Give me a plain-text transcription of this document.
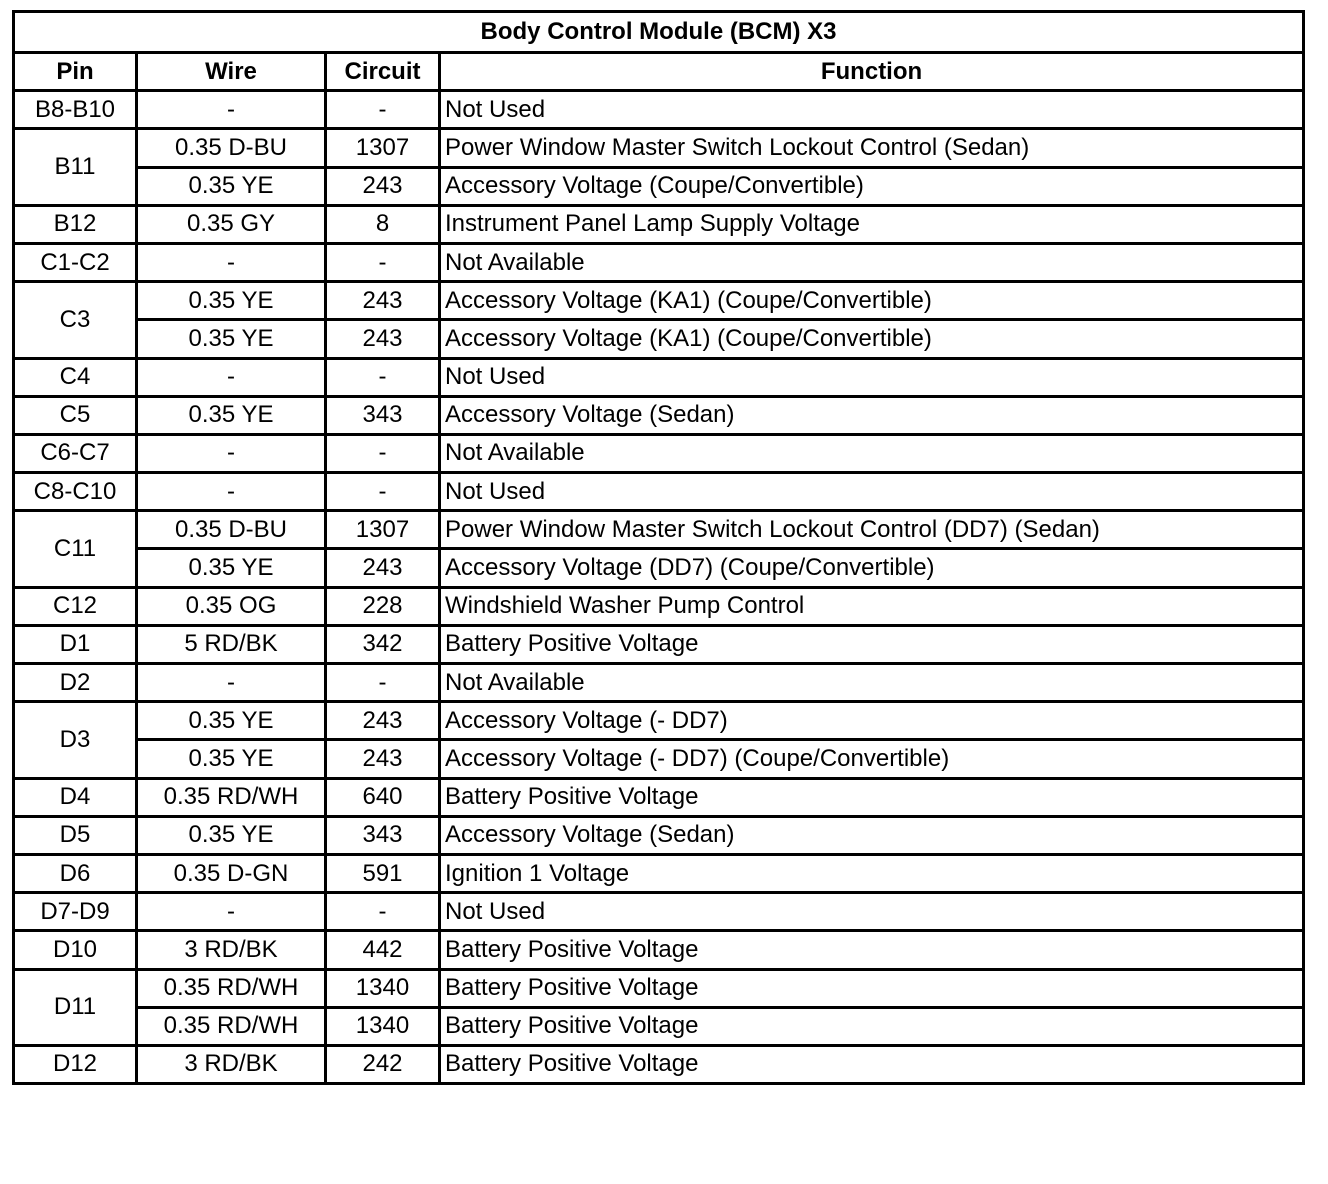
Body Control Module (BCM) X3			
Pin	Wire	Circuit	Function
B8-B10	-	-	Not Used
B11	0.35 D-BU	1307	Power Window Master Switch Lockout Control (Sedan)
	0.35 YE	243	Accessory Voltage (Coupe/Convertible)
B12	0.35 GY	8	Instrument Panel Lamp Supply Voltage
C1-C2	-	-	Not Available
C3	0.35 YE	243	Accessory Voltage (KA1) (Coupe/Convertible)
	0.35 YE	243	Accessory Voltage (KA1) (Coupe/Convertible)
C4	-	-	Not Used
C5	0.35 YE	343	Accessory Voltage (Sedan)
C6-C7	-	-	Not Available
C8-C10	-	-	Not Used
C11	0.35 D-BU	1307	Power Window Master Switch Lockout Control (DD7) (Sedan)
	0.35 YE	243	Accessory Voltage (DD7) (Coupe/Convertible)
C12	0.35 OG	228	Windshield Washer Pump Control
D1	5 RD/BK	342	Battery Positive Voltage
D2	-	-	Not Available
D3	0.35 YE	243	Accessory Voltage (- DD7)
	0.35 YE	243	Accessory Voltage (- DD7) (Coupe/Convertible)
D4	0.35 RD/WH	640	Battery Positive Voltage
D5	0.35 YE	343	Accessory Voltage (Sedan)
D6	0.35 D-GN	591	Ignition 1 Voltage
D7-D9	-	-	Not Used
D10	3 RD/BK	442	Battery Positive Voltage
D11	0.35 RD/WH	1340	Battery Positive Voltage
	0.35 RD/WH	1340	Battery Positive Voltage
D12	3 RD/BK	242	Battery Positive Voltage
